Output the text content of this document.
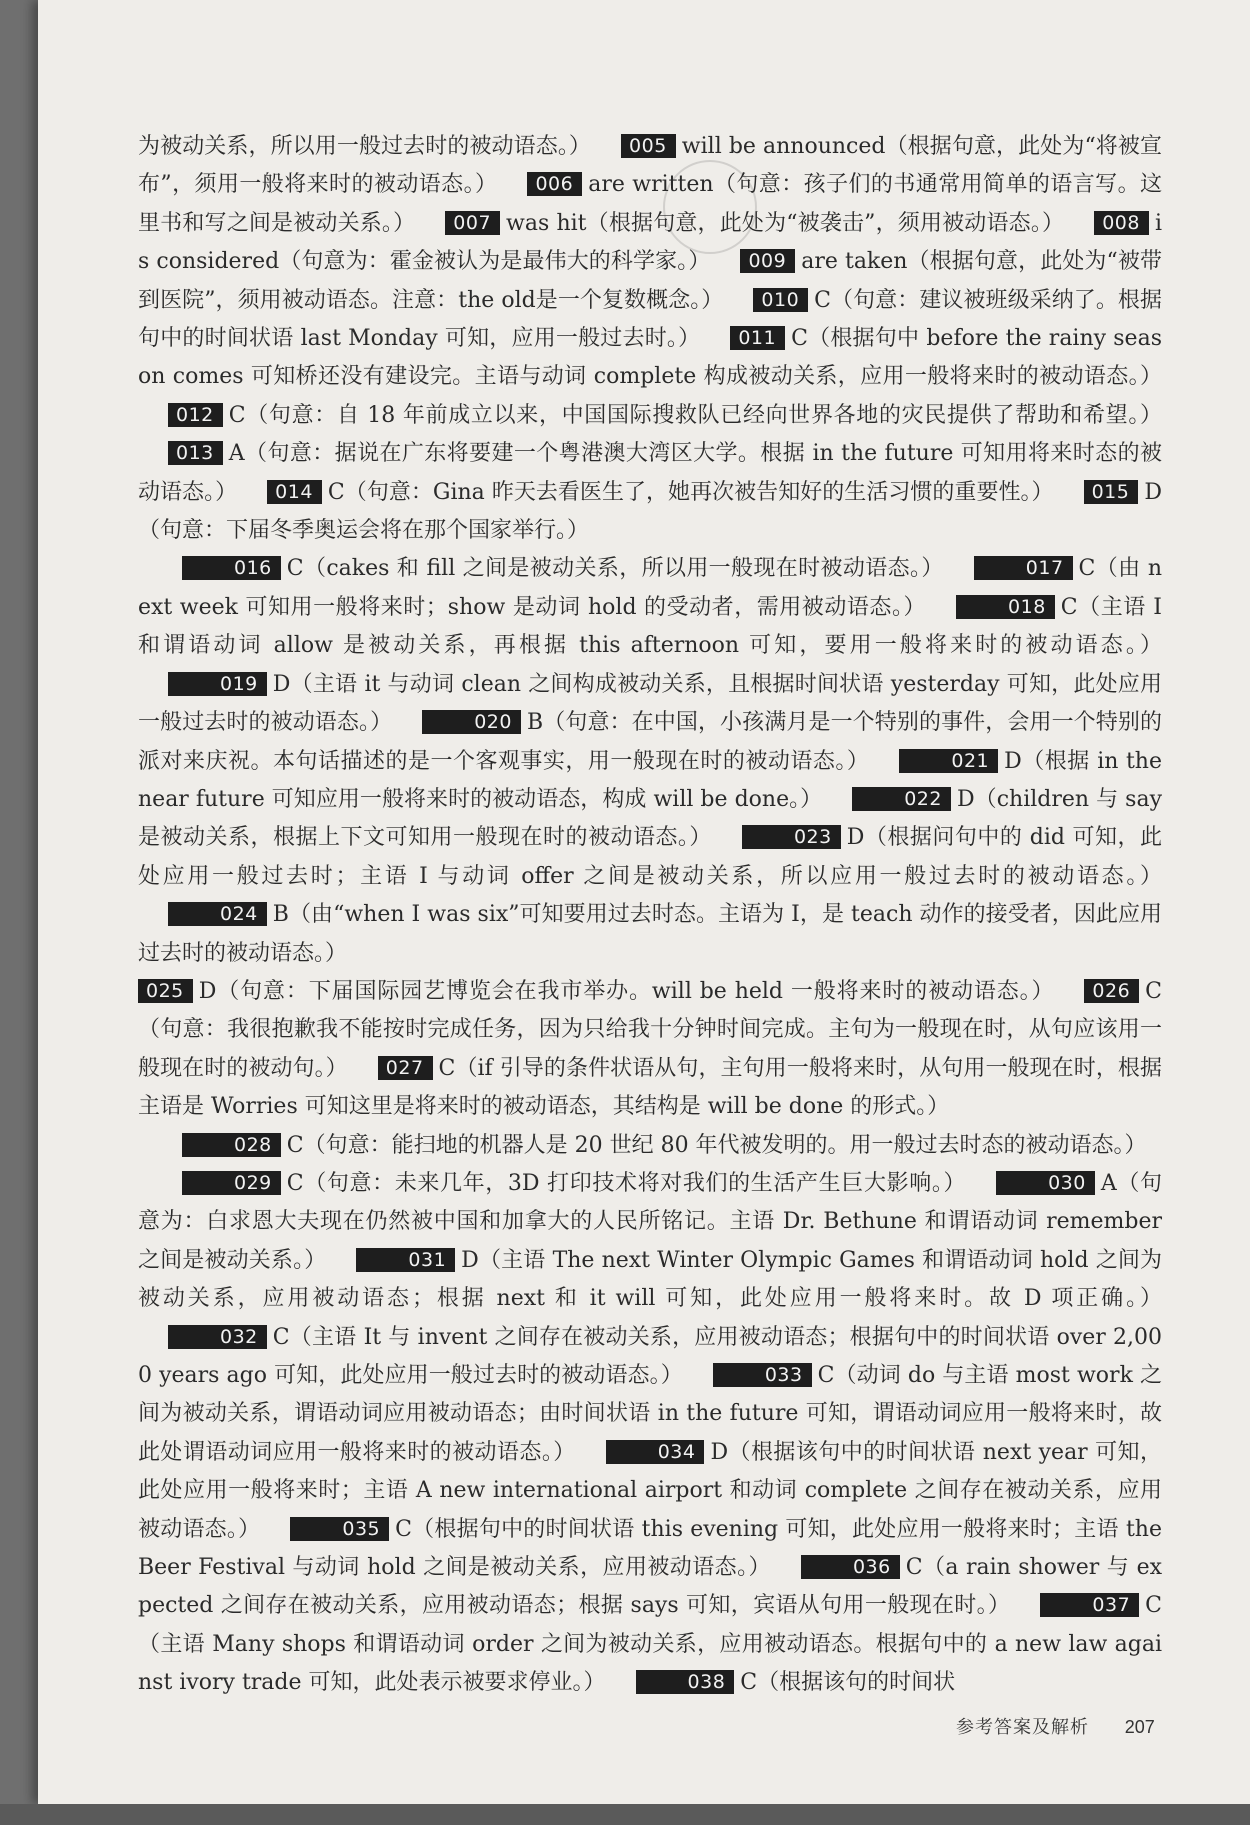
为被动关系，所以用一般过去时的被动语态。） 005 will be announced（根据句意，此处为“将被宣布”，须用一般将来时的被动语态。） 006 are written（句意：孩子们的书通常用简单的语言写。这里书和写之间是被动关系。） 007 was hit（根据句意，此处为“被袭击”，须用被动语态。） 008 is considered（句意为：霍金被认为是最伟大的科学家。） 009 are taken（根据句意，此处为“被带到医院”，须用被动语态。注意：the old是一个复数概念。） 010 C（句意：建议被班级采纳了。根据句中的时间状语 last Monday 可知，应用一般过去时。） 011 C（根据句中 before the rainy season comes 可知桥还没有建设完。主语与动词 complete 构成被动关系，应用一般将来时的被动语态。）012 C（句意：自 18 年前成立以来，中国国际搜救队已经向世界各地的灾民提供了帮助和希望。）013 A（句意：据说在广东将要建一个粤港澳大湾区大学。根据 in the future 可知用将来时态的被动语态。） 014 C（句意：Gina 昨天去看医生了，她再次被告知好的生活习惯的重要性。） 015 D（句意：下届冬季奥运会将在那个国家举行。）

016 C（cakes 和 fill 之间是被动关系，所以用一般现在时被动语态。）	017 C（由 next week 可知用一般将来时；show 是动词 hold 的受动者，需用被动语态。）	018 C（主语 I 和谓语动词 allow 是被动关系，再根据 this afternoon 可知，要用一般将来时的被动语态。）019 D（主语 it 与动词 clean 之间构成被动关系，且根据时间状语 yesterday 可知，此处应用一般过去时的被动语态。）	020 B（句意：在中国，小孩满月是一个特别的事件，会用一个特别的派对来庆祝。本句话描述的是一个客观事实，用一般现在时的被动语态。）	021 D（根据 in the near future 可知应用一般将来时的被动语态，构成 will be done。）	022 D（children 与 say 是被动关系，根据上下文可知用一般现在时的被动语态。）	023 D（根据问句中的 did 可知，此处应用一般过去时；主语 I 与动词 offer 之间是被动关系，所以应用一般过去时的被动语态。）024 B（由“when I was six”可知要用过去时态。主语为 I，是 teach 动作的接受者，因此应用过去时的被动语态。）

025 D（句意：下届国际园艺博览会在我市举办。will be held 一般将来时的被动语态。） 026 C（句意：我很抱歉我不能按时完成任务，因为只给我十分钟时间完成。主句为一般现在时，从句应该用一般现在时的被动句。） 027 C（if 引导的条件状语从句，主句用一般将来时，从句用一般现在时，根据主语是 Worries 可知这里是将来时的被动语态，其结构是 will be done 的形式。）

028 C（句意：能扫地的机器人是 20 世纪 80 年代被发明的。用一般过去时态的被动语态。）

029 C（句意：未来几年，3D 打印技术将对我们的生活产生巨大影响。）	030 A（句意为：白求恩大夫现在仍然被中国和加拿大的人民所铭记。主语 Dr. Bethune 和谓语动词 remember 之间是被动关系。）	031 D（主语 The next Winter Olympic Games 和谓语动词 hold 之间为被动关系，应用被动语态；根据 next 和 it will 可知，此处应用一般将来时。故 D 项正确。）032 C（主语 It 与 invent 之间存在被动关系，应用被动语态；根据句中的时间状语 over 2,000 years ago 可知，此处应用一般过去时的被动语态。）	033 C（动词 do 与主语 most work 之间为被动关系，谓语动词应用被动语态；由时间状语 in the future 可知，谓语动词应用一般将来时，故此处谓语动词应用一般将来时的被动语态。）	034 D（根据该句中的时间状语 next year 可知，此处应用一般将来时；主语 A new international airport 和动词 complete 之间存在被动关系，应用被动语态。）	035 C（根据句中的时间状语 this evening 可知，此处应用一般将来时；主语 the Beer Festival 与动词 hold 之间是被动关系，应用被动语态。）	036 C（a rain shower 与 expected 之间存在被动关系，应用被动语态；根据 says 可知，宾语从句用一般现在时。）	037 C（主语 Many shops 和谓语动词 order 之间为被动关系，应用被动语态。根据句中的 a new law against ivory trade 可知，此处表示被要求停业。）	038 C（根据该句的时间状

参考答案及解析 207
